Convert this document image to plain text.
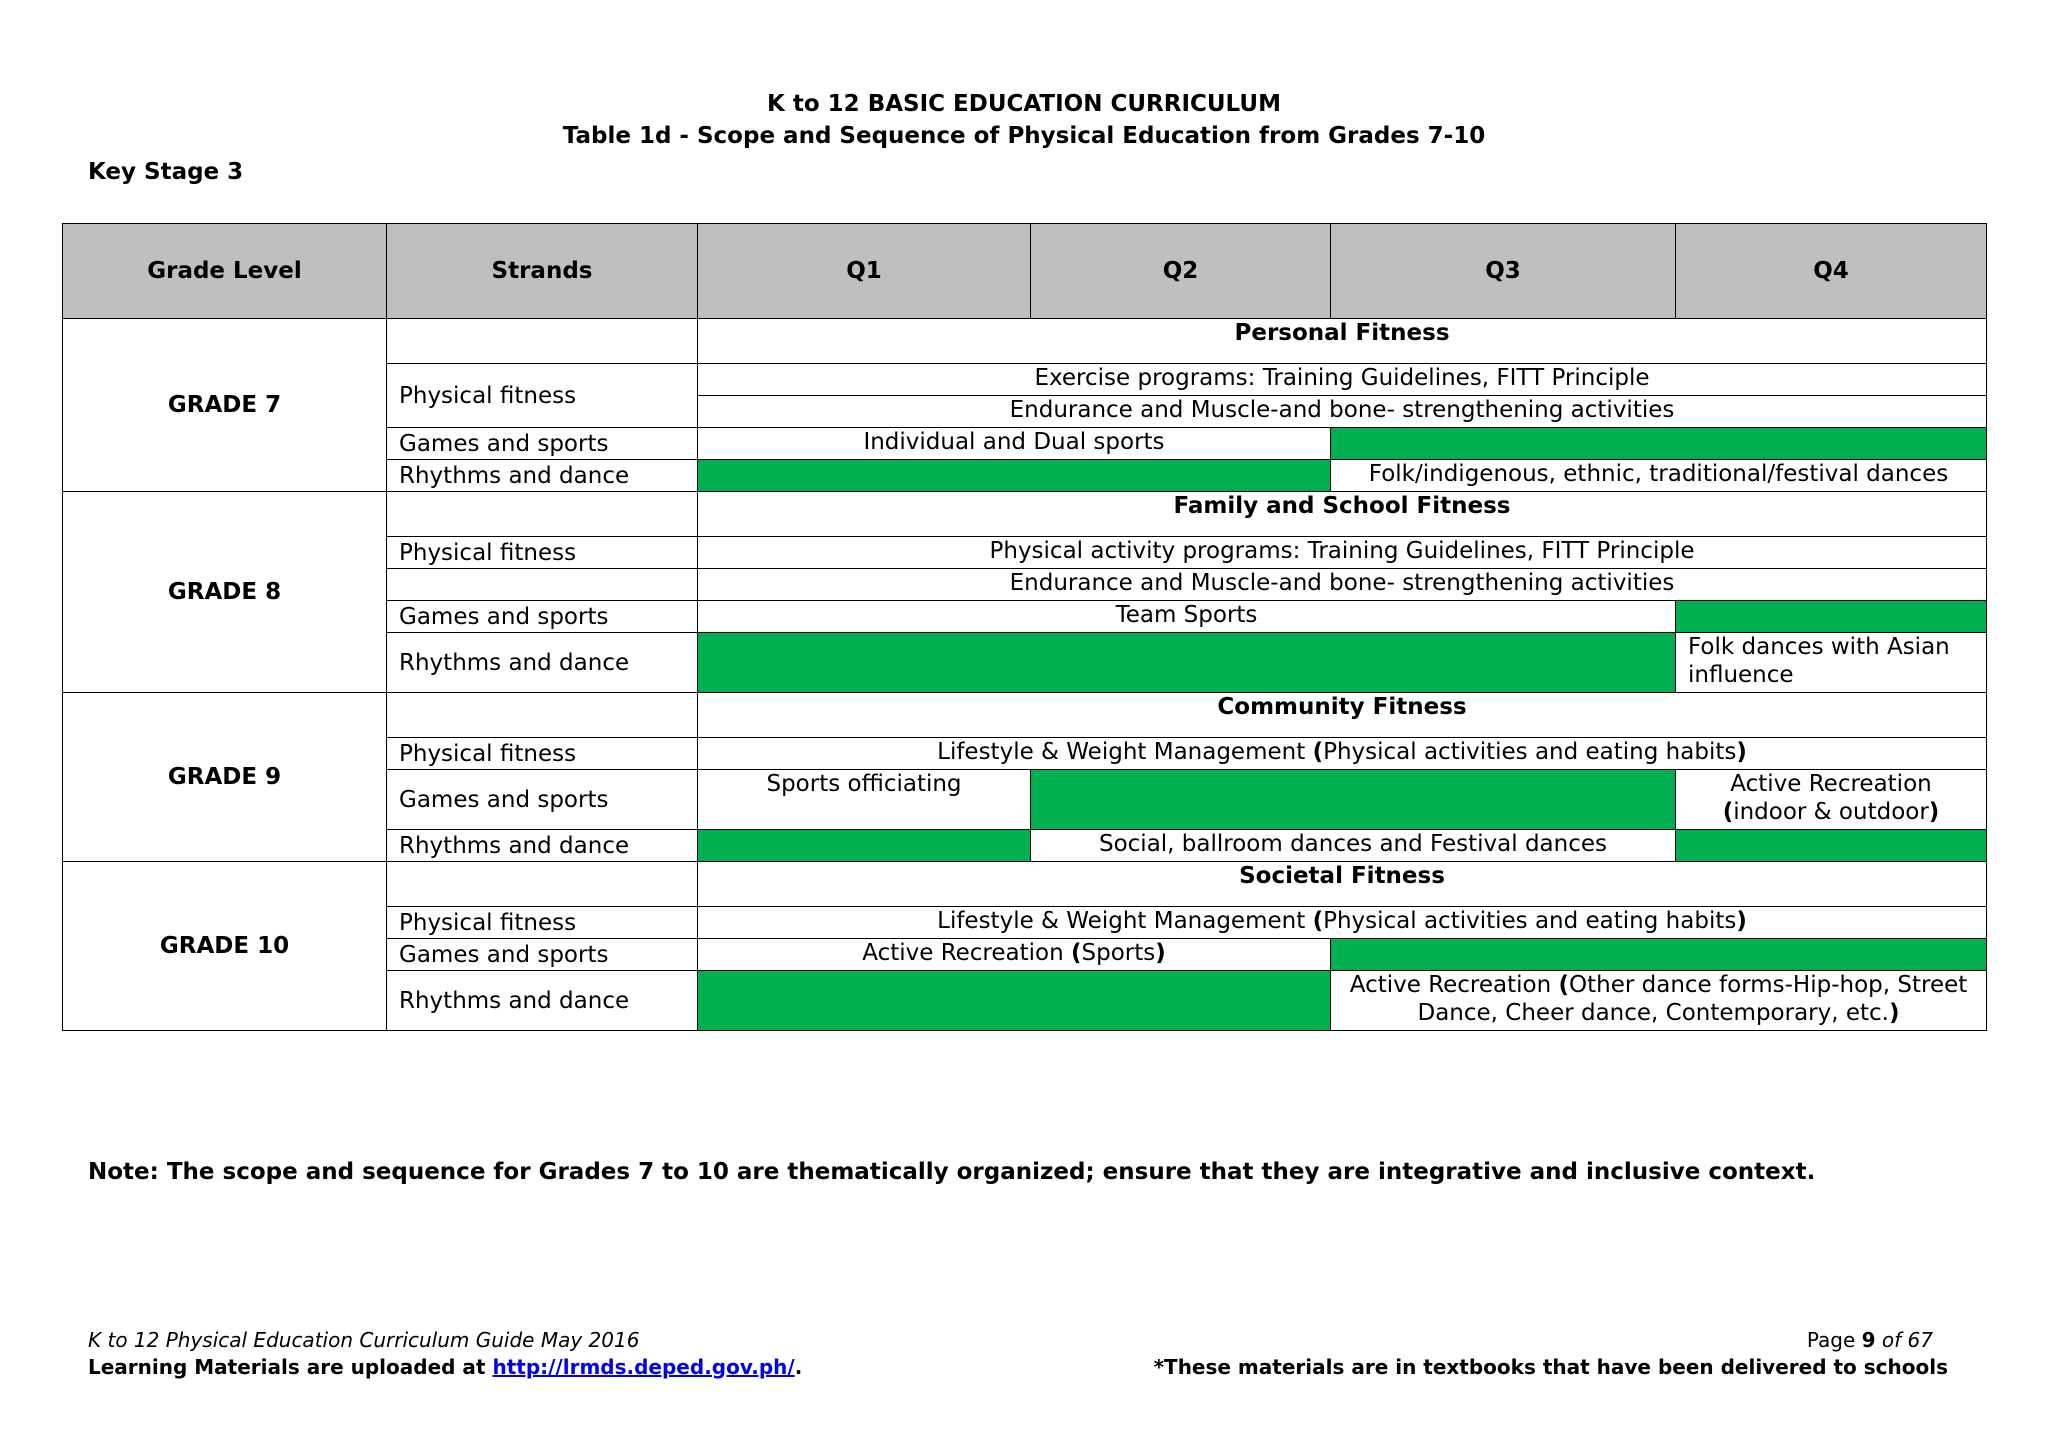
K to 12 BASIC EDUCATION CURRICULUM
Table 1d - Scope and Sequence of Physical Education from Grades 7-10
Key Stage 3
Grade Level	Strands	Q1	Q2	Q3	Q4
GRADE 7		Personal Fitness			
	Physical fitness	Exercise programs: Training Guidelines, FITT Principle			
		Endurance and Muscle-and bone- strengthening activities			
	Games and sports	Individual and Dual sports			
	Rhythms and dance			Folk/indigenous, ethnic, traditional/festival dances	
GRADE 8		Family and School Fitness			
	Physical fitness	Physical activity programs: Training Guidelines, FITT Principle			
		Endurance and Muscle-and bone- strengthening activities			
	Games and sports	Team Sports			
	Rhythms and dance				Folk dances with Asian influence
GRADE 9		Community Fitness			
	Physical fitness	Lifestyle & Weight Management (Physical activities and eating habits)			
	Games and sports	Sports officiating			Active Recreation (indoor & outdoor)
	Rhythms and dance		Social, ballroom dances and Festival dances		
GRADE 10		Societal Fitness			
	Physical fitness	Lifestyle & Weight Management (Physical activities and eating habits)			
	Games and sports	Active Recreation (Sports)			
	Rhythms and dance			Active Recreation (Other dance forms-Hip-hop, Street Dance, Cheer dance, Contemporary, etc.)	
Note: The scope and sequence for Grades 7 to 10 are thematically organized; ensure that they are integrative and inclusive context.
K to 12 Physical Education Curriculum Guide May 2016
Learning Materials are uploaded at http://lrmds.deped.gov.ph/.
Page 9 of 67
*These materials are in textbooks that have been delivered to schools
